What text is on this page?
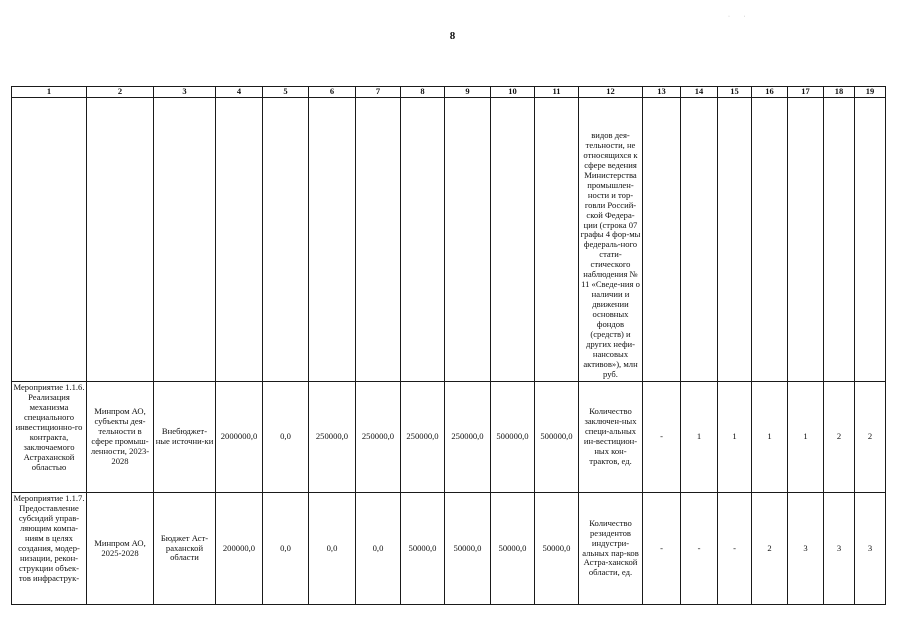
8
· ·
1	2	3	4	5	6	7	8	9	10	11	12	13	14	15	16	17	18	19
											видов дея-тельности, не относящихся к сфере ведения Министерства промышлен-ности и тор-говли Россий-ской Федера-ции (строка 07 графы 4 фор-мы федераль-ного стати-стического наблюдения № 11 «Сведе-ния о наличии и движении основных фондов (средств) и других нефи-нансовых активов»), млн руб.							
Мероприятие 1.1.6. Реализация механизма специального инвестиционно-го контракта, заключаемого Астраханской областью	Минпром АО, субъекты дея-тельности в сфере промыш-ленности, 2023-2028	Внебюджет-ные источни-ки	2000000,0	0,0	250000,0	250000,0	250000,0	250000,0	500000,0	500000,0	Количество заключен-ных специ-альных ин-вестицион-ных кон-трактов, ед.	-	1	1	1	1	2	2
Мероприятие 1.1.7. Предоставление субсидий управ-ляющим компа-ниям в целях создания, модер-низации, рекон-струкции объек-тов инфраструк-	Минпром АО, 2025-2028	Бюджет Аст-раханской области	200000,0	0,0	0,0	0,0	50000,0	50000,0	50000,0	50000,0	Количество резидентов индустри-альных пар-ков Астра-ханской области, ед.	-	-	-	2	3	3	3
